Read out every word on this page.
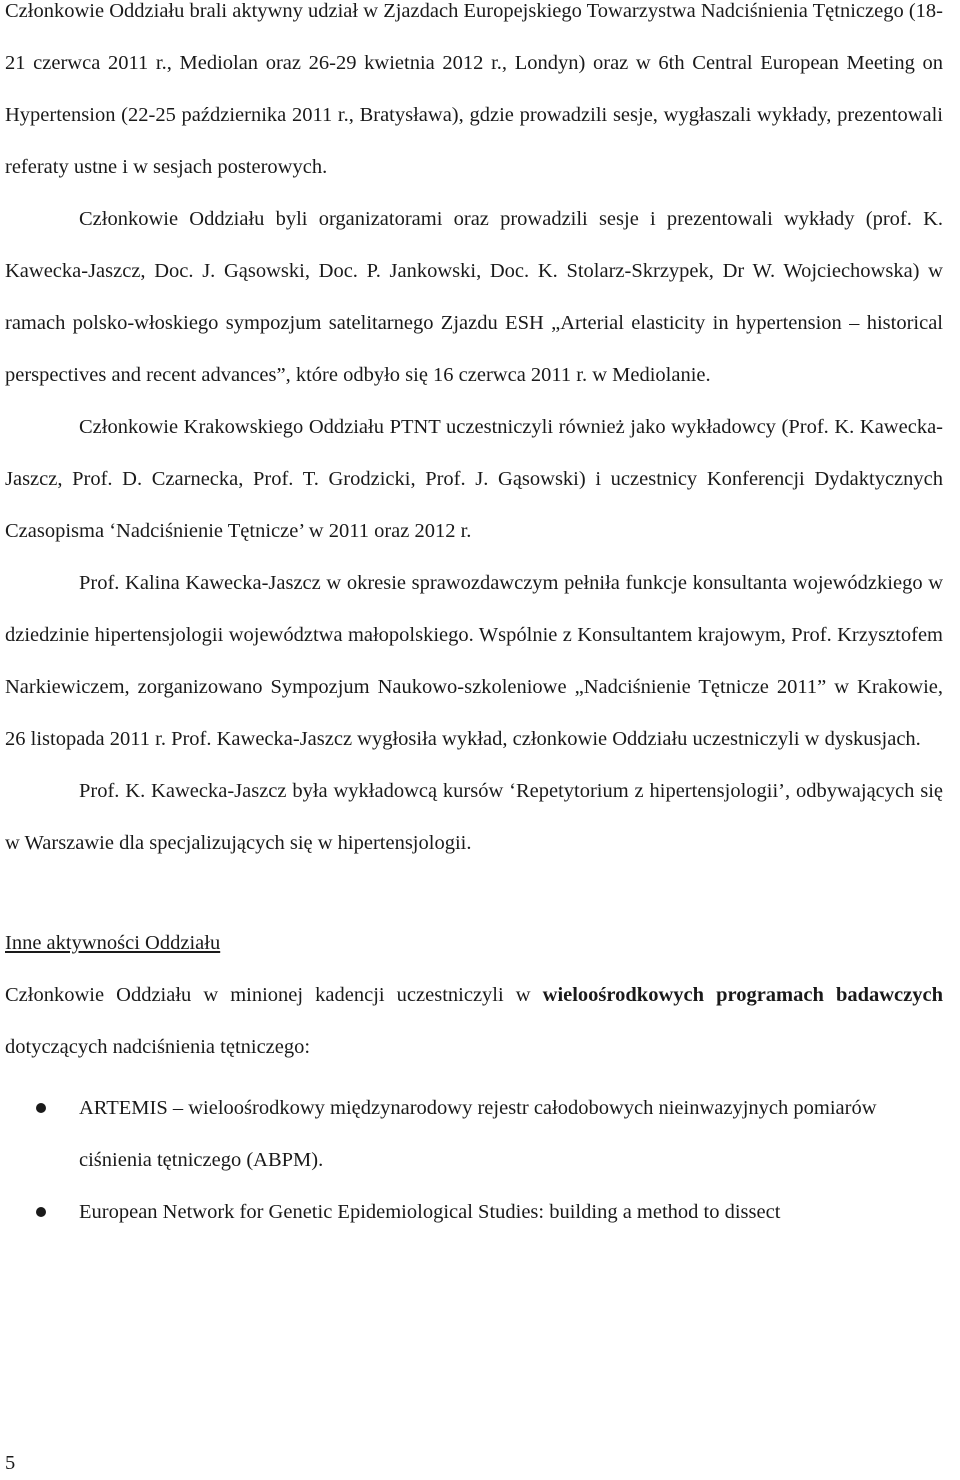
Członkowie Oddziału brali aktywny udział w Zjazdach Europejskiego Towarzystwa Nadciśnienia Tętniczego (18-21 czerwca 2011 r., Mediolan oraz 26-29 kwietnia 2012 r., Londyn) oraz w 6th Central European Meeting on Hypertension (22-25 października 2011 r., Bratysława), gdzie prowadzili sesje, wygłaszali wykłady, prezentowali referaty ustne i w sesjach posterowych.

Członkowie Oddziału byli organizatorami oraz prowadzili sesje i prezentowali wykłady (prof. K. Kawecka-Jaszcz, Doc. J. Gąsowski, Doc. P. Jankowski, Doc. K. Stolarz-Skrzypek, Dr W. Wojciechowska) w ramach polsko-włoskiego sympozjum satelitarnego Zjazdu ESH „Arterial elasticity in hypertension – historical perspectives and recent advances”, które odbyło się 16 czerwca 2011 r. w Mediolanie.

Członkowie Krakowskiego Oddziału PTNT uczestniczyli również jako wykładowcy (Prof. K. Kawecka-Jaszcz, Prof. D. Czarnecka, Prof. T. Grodzicki, Prof. J. Gąsowski) i uczestnicy Konferencji Dydaktycznych Czasopisma ‘Nadciśnienie Tętnicze’ w 2011 oraz 2012 r.

Prof. Kalina Kawecka-Jaszcz w okresie sprawozdawczym pełniła funkcje konsultanta wojewódzkiego w dziedzinie hipertensjologii województwa małopolskiego. Wspólnie z Konsultantem krajowym, Prof. Krzysztofem Narkiewiczem, zorganizowano Sympozjum Naukowo-szkoleniowe „Nadciśnienie Tętnicze 2011” w Krakowie, 26 listopada 2011 r. Prof. Kawecka-Jaszcz wygłosiła wykład, członkowie Oddziału uczestniczyli w dyskusjach.

Prof. K. Kawecka-Jaszcz była wykładowcą kursów ‘Repetytorium z hipertensjologii’, odbywających się w Warszawie dla specjalizujących się w hipertensjologii.

Inne aktywności Oddziału

Członkowie Oddziału w minionej kadencji uczestniczyli w wieloośrodkowych programach badawczych dotyczących nadciśnienia tętniczego:

ARTEMIS – wieloośrodkowy międzynarodowy rejestr całodobowych nieinwazyjnych pomiarów ciśnienia tętniczego (ABPM).
European Network for Genetic Epidemiological Studies: building a method to dissect
5
